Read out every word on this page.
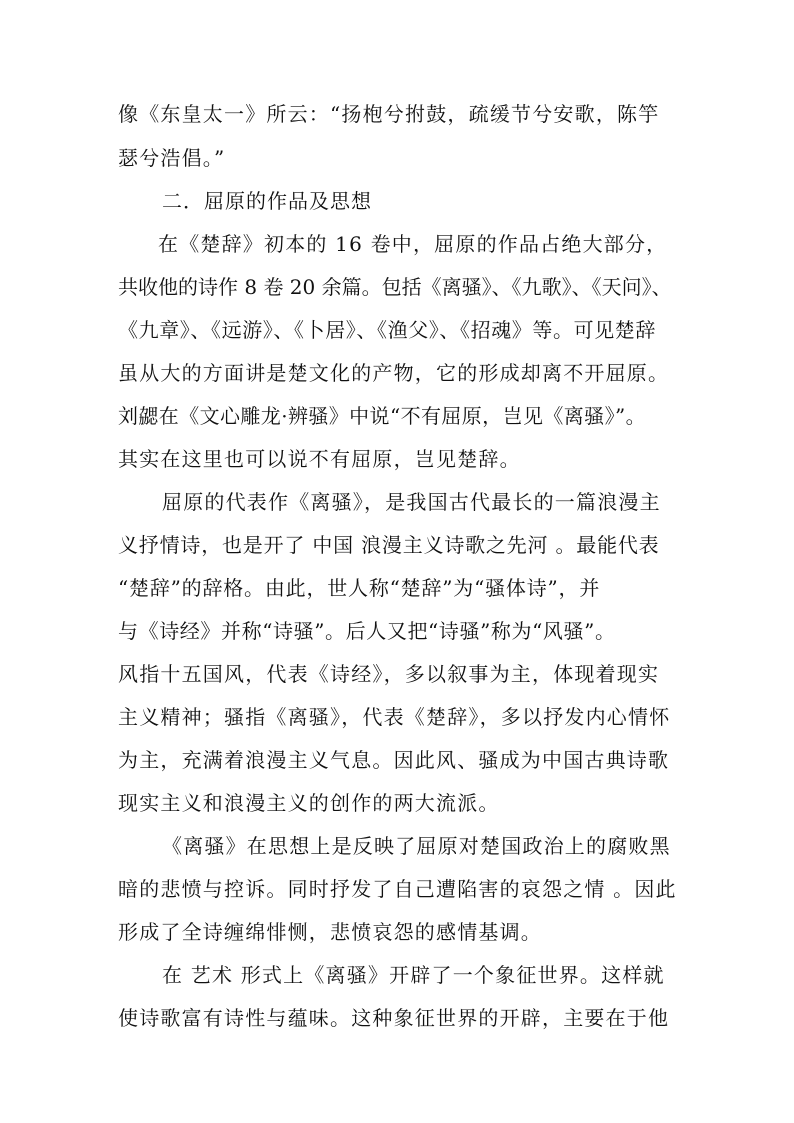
像《东皇太一》所云：“扬枹兮拊鼓，疏缓节兮安歌，陈竽
瑟兮浩倡。”
二．屈原的作品及思想
在《楚辞》初本的 16 卷中，屈原的作品占绝大部分，
共收他的诗作 8 卷 20 余篇。包括《离骚》、《九歌》、《天问》、
《九章》、《远游》、《卜居》、《渔父》、《招魂》等。可见楚辞
虽从大的方面讲是楚文化的产物，它的形成却离不开屈原。
刘勰在《文心雕龙·辨骚》中说“不有屈原，岂见《离骚》”。
其实在这里也可以说不有屈原，岂见楚辞。
屈原的代表作《离骚》，是我国古代最长的一篇浪漫主
义抒情诗，也是开了 中国 浪漫主义诗歌之先河 。最能代表
“楚辞”的辞格。由此，世人称“楚辞”为“骚体诗”，并
与《诗经》并称“诗骚”。后人又把“诗骚”称为“风骚”。
风指十五国风，代表《诗经》，多以叙事为主，体现着现实
主义精神；骚指《离骚》，代表《楚辞》，多以抒发内心情怀
为主，充满着浪漫主义气息。因此风、骚成为中国古典诗歌
现实主义和浪漫主义的创作的两大流派。
《离骚》在思想上是反映了屈原对楚国政治上的腐败黑
暗的悲愤与控诉。同时抒发了自己遭陷害的哀怨之情 。因此
形成了全诗缠绵悱恻，悲愤哀怨的感情基调。
在 艺术 形式上《离骚》开辟了一个象征世界。这样就
使诗歌富有诗性与蕴味。这种象征世界的开辟，主要在于他
